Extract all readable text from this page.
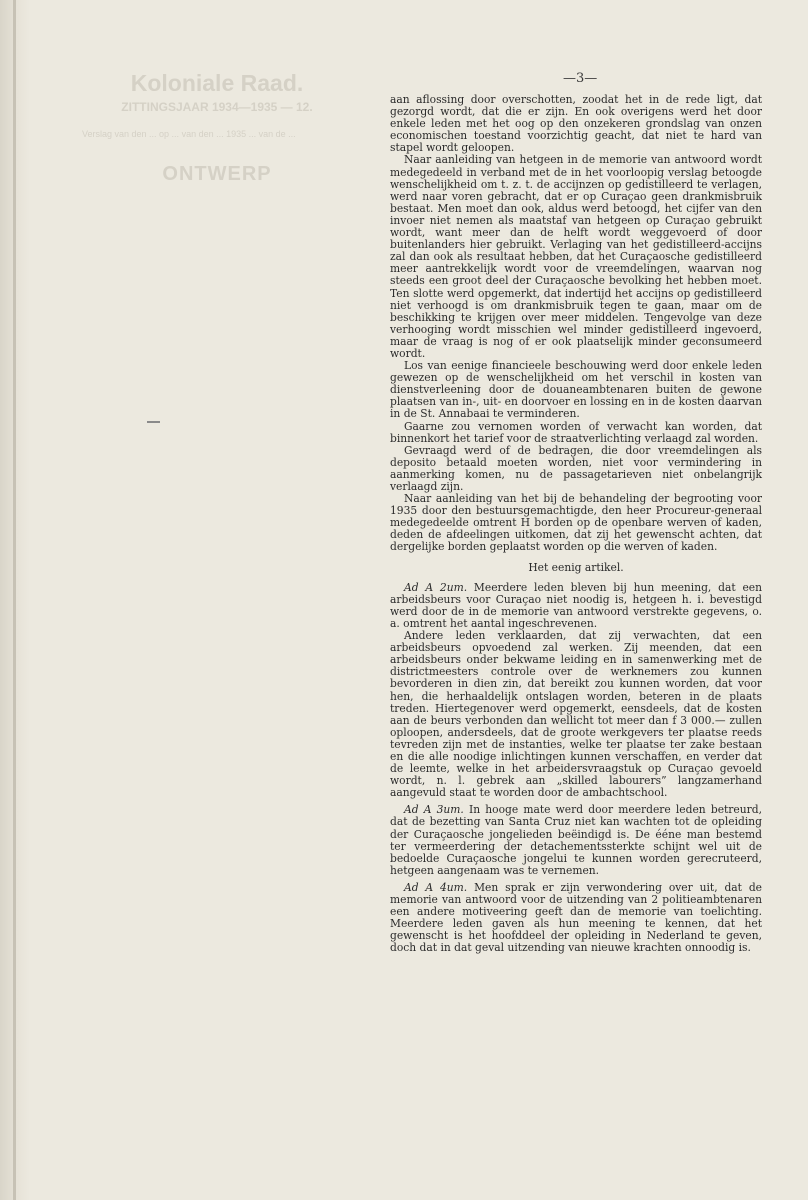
Koloniale Raad.
ZITTINGSJAAR 1934—1935 — 12.
Verslag van den ... op ... van den ... 1935 ... van de ...
ONTWERP
—3—

aan aflossing door overschotten, zoodat het in de rede ligt, dat gezorgd wordt, dat die er zijn. En ook overigens werd het door enkele leden met het oog op den onzekeren grondslag van onzen economischen toestand voorzichtig geacht, dat niet te hard van stapel wordt geloopen.

Naar aanleiding van hetgeen in de memorie van antwoord wordt medegedeeld in verband met de in het voorloopig verslag betoogde wenschelijkheid om t. z. t. de accijnzen op gedistilleerd te verlagen, werd naar voren gebracht, dat er op Curaçao geen drankmisbruik bestaat. Men moet dan ook, aldus werd betoogd, het cijfer van den invoer niet nemen als maatstaf van hetgeen op Curaçao gebruikt wordt, want meer dan de helft wordt weggevoerd of door buitenlanders hier gebruikt. Verlaging van het gedistilleerd-accijns zal dan ook als resultaat hebben, dat het Curaçaosche gedistilleerd meer aantrekkelijk wordt voor de vreemdelingen, waarvan nog steeds een groot deel der Curaçaosche bevolking het hebben moet. Ten slotte werd opgemerkt, dat indertijd het accijns op gedistilleerd niet verhoogd is om drankmisbruik tegen te gaan, maar om de beschikking te krijgen over meer middelen. Tengevolge van deze verhooging wordt misschien wel minder gedistilleerd ingevoerd, maar de vraag is nog of er ook plaatselijk minder geconsumeerd wordt.

Los van eenige financieele beschouwing werd door enkele leden gewezen op de wenschelijkheid om het verschil in kosten van dienstverleening door de douaneambtenaren buiten de gewone plaatsen van in-, uit- en doorvoer en lossing en in de kosten daarvan in de St. Annabaai te verminderen.

Gaarne zou vernomen worden of verwacht kan worden, dat binnenkort het tarief voor de straatverlichting verlaagd zal worden.

Gevraagd werd of de bedragen, die door vreemdelingen als deposito betaald moeten worden, niet voor vermindering in aanmerking komen, nu de passagetarieven niet onbelangrijk verlaagd zijn.

Naar aanleiding van het bij de behandeling der begrooting voor 1935 door den bestuursgemachtigde, den heer Procureur-generaal medegedeelde omtrent H borden op de openbare werven of kaden, deden de afdeelingen uitkomen, dat zij het gewenscht achten, dat dergelijke borden geplaatst worden op die werven of kaden.

Het eenig artikel.

Ad A 2um. Meerdere leden bleven bij hun meening, dat een arbeidsbeurs voor Curaçao niet noodig is, hetgeen h. i. bevestigd werd door de in de memorie van antwoord verstrekte gegevens, o. a. omtrent het aantal ingeschrevenen.

Andere leden verklaarden, dat zij verwachten, dat een arbeidsbeurs opvoedend zal werken. Zij meenden, dat een arbeidsbeurs onder bekwame leiding en in samenwerking met de districtmeesters controle over de werknemers zou kunnen bevorderen in dien zin, dat bereikt zou kunnen worden, dat voor hen, die herhaaldelijk ontslagen worden, beteren in de plaats treden. Hiertegenover werd opgemerkt, eensdeels, dat de kosten aan de beurs verbonden dan wellicht tot meer dan f 3 000.— zullen oploopen, andersdeels, dat de groote werkgevers ter plaatse reeds tevreden zijn met de instanties, welke ter plaatse ter zake bestaan en die alle noodige inlichtingen kunnen verschaffen, en verder dat de leemte, welke in het arbeidersvraagstuk op Curaçao gevoeld wordt, n. l. gebrek aan „skilled labourers” langzamerhand aangevuld staat te worden door de ambachtschool.

Ad A 3um. In hooge mate werd door meerdere leden betreurd, dat de bezetting van Santa Cruz niet kan wachten tot de opleiding der Curaçaosche jongelieden beëindigd is. De ééne man bestemd ter vermeerdering der detachementssterkte schijnt wel uit de bedoelde Curaçaosche jongelui te kunnen worden gerecruteerd, hetgeen aangenaam was te vernemen.

Ad A 4um. Men sprak er zijn verwondering over uit, dat de memorie van antwoord voor de uitzending van 2 politieambtenaren een andere motiveering geeft dan de memorie van toelichting. Meerdere leden gaven als hun meening te kennen, dat het gewenscht is het hoofddeel der opleiding in Nederland te geven, doch dat in dat geval uitzending van nieuwe krachten onnoodig is.
